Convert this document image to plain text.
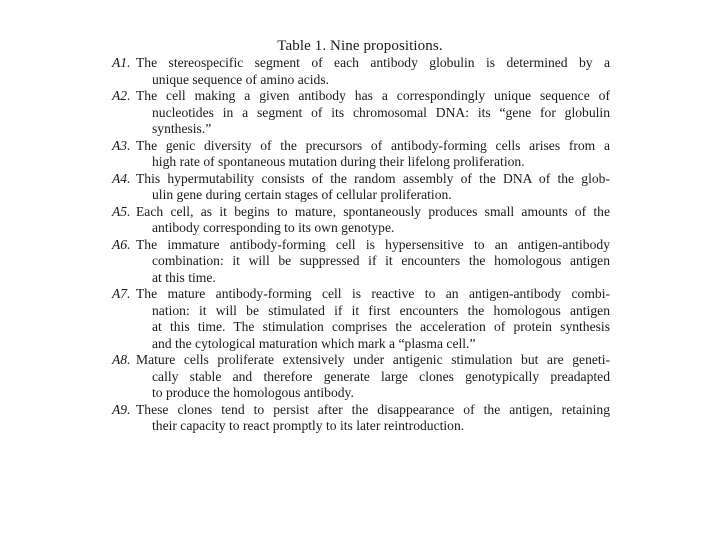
Table 1. Nine propositions.
A1. The stereospecific segment of each antibody globulin is determined by a
unique sequence of amino acids.
A2. The cell making a given antibody has a correspondingly unique sequence of
nucleotides in a segment of its chromosomal DNA: its “gene for globulin
synthesis.”
A3. The genic diversity of the precursors of antibody-forming cells arises from a
high rate of spontaneous mutation during their lifelong proliferation.
A4. This hypermutability consists of the random assembly of the DNA of the glob-
ulin gene during certain stages of cellular proliferation.
A5. Each cell, as it begins to mature, spontaneously produces small amounts of the
antibody corresponding to its own genotype.
A6. The immature antibody-forming cell is hypersensitive to an antigen-antibody
combination: it will be suppressed if it encounters the homologous antigen
at this time.
A7. The mature antibody-forming cell is reactive to an antigen-antibody combi-
nation: it will be stimulated if it first encounters the homologous antigen
at this time. The stimulation comprises the acceleration of protein synthesis
and the cytological maturation which mark a “plasma cell.”
A8. Mature cells proliferate extensively under antigenic stimulation but are geneti-
cally stable and therefore generate large clones genotypically preadapted
to produce the homologous antibody.
A9. These clones tend to persist after the disappearance of the antigen, retaining
their capacity to react promptly to its later reintroduction.
